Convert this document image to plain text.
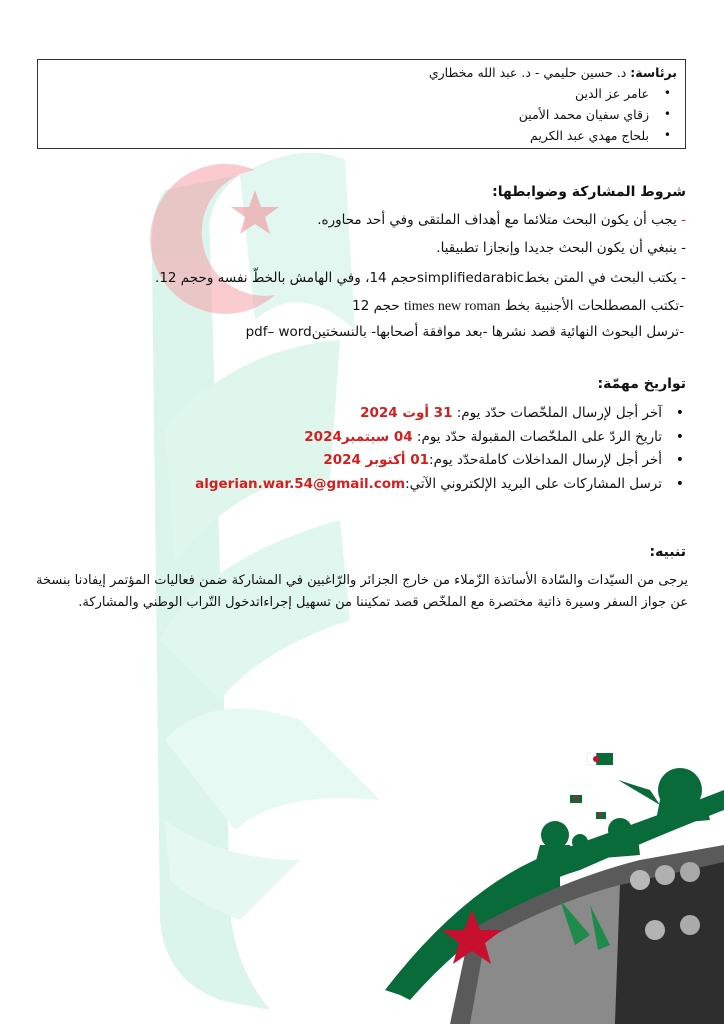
برئاسة: د. حسين حليمي - د. عبد الله مخطاري
• عامر عز الدين
• زقاي سفيان محمد الأمين
• بلحاج مهدي عبد الكريم
شروط المشاركة وضوابطها:
- يجب أن يكون البحث متلائما مع أهداف الملتقى وفي أحد محاوره.
- ينبغي أن يكون البحث جديدا وإنجازا تطبيقيا.
- يكتب البحث في المتن بخطsimplifiedarabicحجم 14، وفي الهامش بالخطّ نفسه وحجم 12.
-تكتب المصطلحات الأجنبية بخط times new roman حجم 12
-ترسل البحوث النهائية قصد نشرها -بعد موافقة أصحابها- بالنسختينpdf– word
تواريخ مهمّة:
• آخر أجل لإرسال الملخّصات حدّد يوم: 31 أوت 2024
• تاريخ الردّ على الملخّصات المقبولة حدّد يوم: 04 سبتمبر2024
• أخر أجل لإرسال المداخلات كاملةحدّد يوم:01 أكتوبر 2024
• ترسل المشاركات على البريد الإلكتروني الآتي:algerian.war.54@gmail.com
تنبيه:
يرجى من السيّدات والسّادة الأساتذة الزّملاء من خارج الجزائر والرّاغبين في المشاركة ضمن فعاليات المؤتمر إيفادنا بنسخة عن جواز السفر وسيرة ذاتية مختصرة مع الملخّص قصد تمكيننا من تسهيل إجراءاتدخول التّراب الوطني والمشاركة.
